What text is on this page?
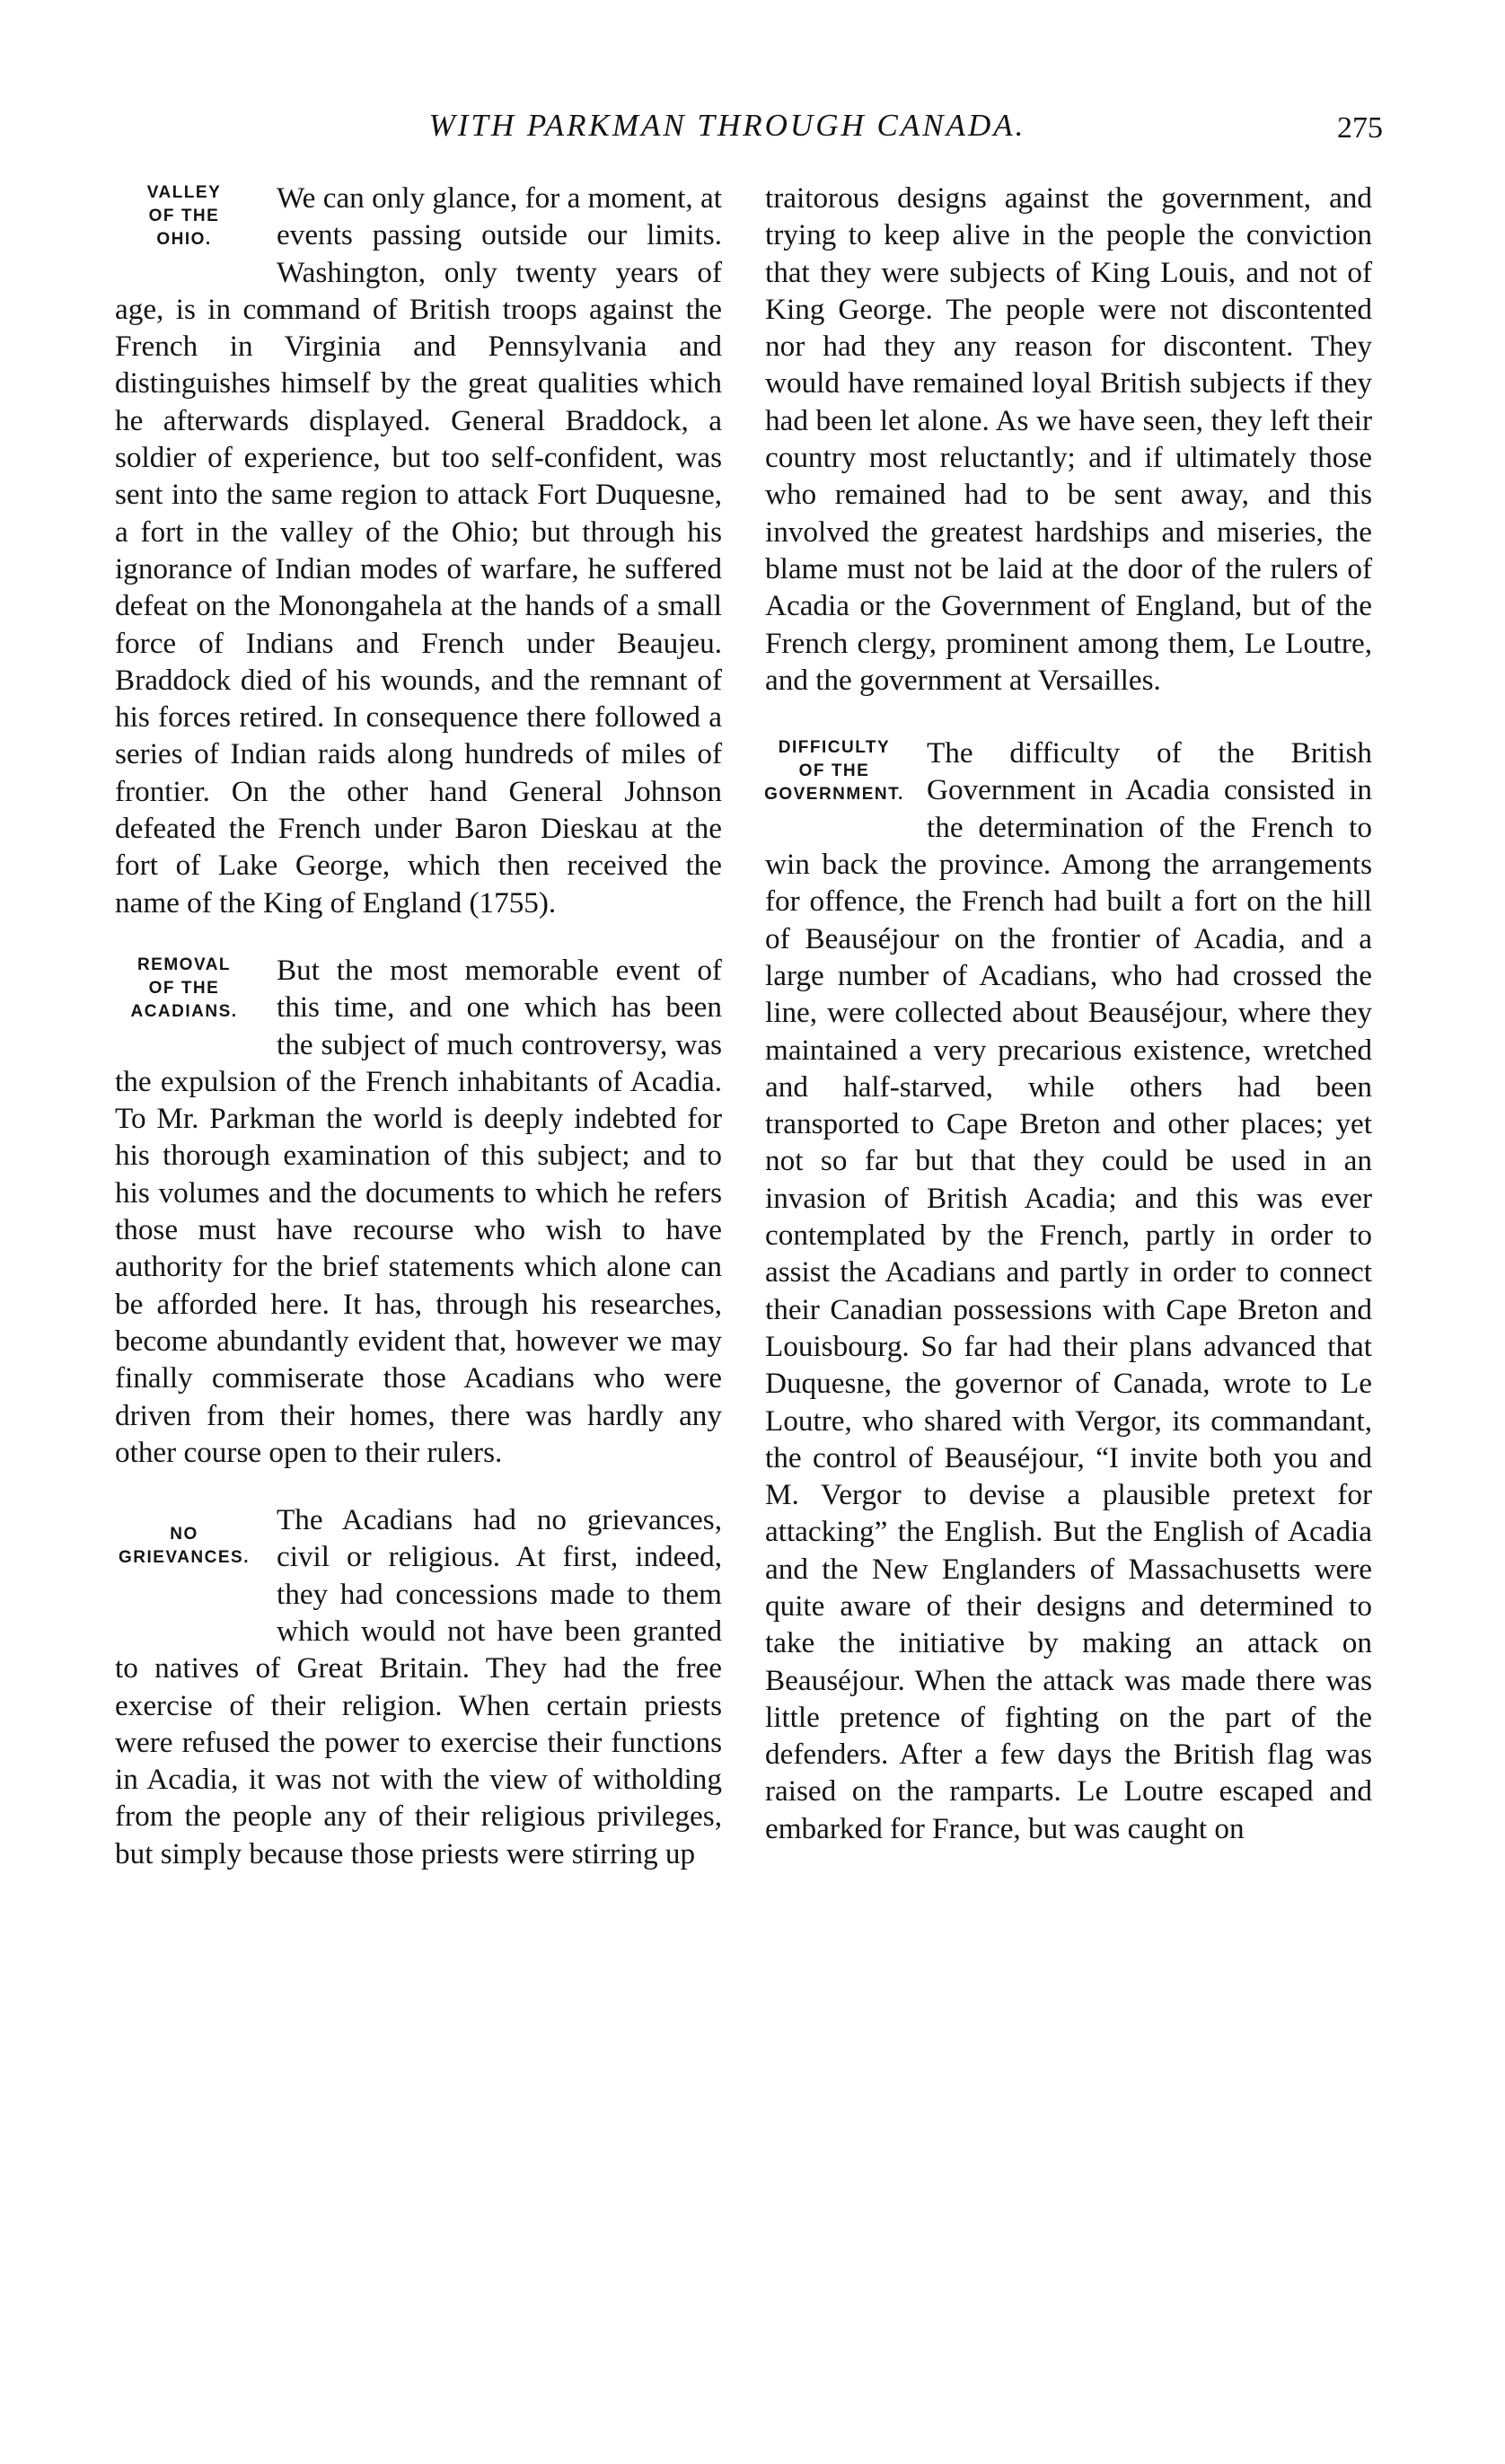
WITH PARKMAN THROUGH CANADA.	275
VALLEY
OF THE
OHIO.

We can only glance, for a moment, at events passing outside our limits. Washington, only twenty years of age, is in command of British troops against the French in Virginia and Pennsylvania and distinguishes himself by the great qualities which he afterwards displayed. General Braddock, a soldier of experience, but too self-confident, was sent into the same region to attack Fort Duquesne, a fort in the valley of the Ohio; but through his ignorance of Indian modes of warfare, he suffered defeat on the Monongahela at the hands of a small force of Indians and French under Beaujeu. Braddock died of his wounds, and the remnant of his forces retired. In consequence there followed a series of Indian raids along hundreds of miles of frontier. On the other hand General Johnson defeated the French under Baron Dieskau at the fort of Lake George, which then received the name of the King of England (1755).

REMOVAL
OF THE
ACADIANS.

But the most memorable event of this time, and one which has been the subject of much controversy, was the expulsion of the French inhabitants of Acadia. To Mr. Parkman the world is deeply indebted for his thorough examination of this subject; and to his volumes and the documents to which he refers those must have recourse who wish to have authority for the brief statements which alone can be afforded here. It has, through his researches, become abundantly evident that, however we may finally commiserate those Acadians who were driven from their homes, there was hardly any other course open to their rulers.

NO
GRIEVANCES.

The Acadians had no grievances, civil or religious. At first, indeed, they had concessions made to them which would not have been granted to natives of Great Britain. They had the free exercise of their religion. When certain priests were refused the power to exercise their functions in Acadia, it was not with the view of witholding from the people any of their religious privileges, but simply because those priests were stirring up

traitorous designs against the government, and trying to keep alive in the people the conviction that they were subjects of King Louis, and not of King George. The people were not discontented nor had they any reason for discontent. They would have remained loyal British subjects if they had been let alone. As we have seen, they left their country most reluctantly; and if ultimately those who remained had to be sent away, and this involved the greatest hardships and miseries, the blame must not be laid at the door of the rulers of Acadia or the Government of England, but of the French clergy, prominent among them, Le Loutre, and the government at Versailles.

DIFFICULTY
OF THE
GOVERNMENT.

The difficulty of the British Government in Acadia consisted in the determination of the French to win back the province. Among the arrangements for offence, the French had built a fort on the hill of Beauséjour on the frontier of Acadia, and a large number of Acadians, who had crossed the line, were collected about Beauséjour, where they maintained a very precarious existence, wretched and half-starved, while others had been transported to Cape Breton and other places; yet not so far but that they could be used in an invasion of British Acadia; and this was ever contemplated by the French, partly in order to assist the Acadians and partly in order to connect their Canadian possessions with Cape Breton and Louisbourg. So far had their plans advanced that Duquesne, the governor of Canada, wrote to Le Loutre, who shared with Vergor, its commandant, the control of Beauséjour, “I invite both you and M. Vergor to devise a plausible pretext for attacking” the English. But the English of Acadia and the New Englanders of Massachusetts were quite aware of their designs and determined to take the initiative by making an attack on Beauséjour. When the attack was made there was little pretence of fighting on the part of the defenders. After a few days the British flag was raised on the ramparts. Le Loutre escaped and embarked for France, but was caught on
